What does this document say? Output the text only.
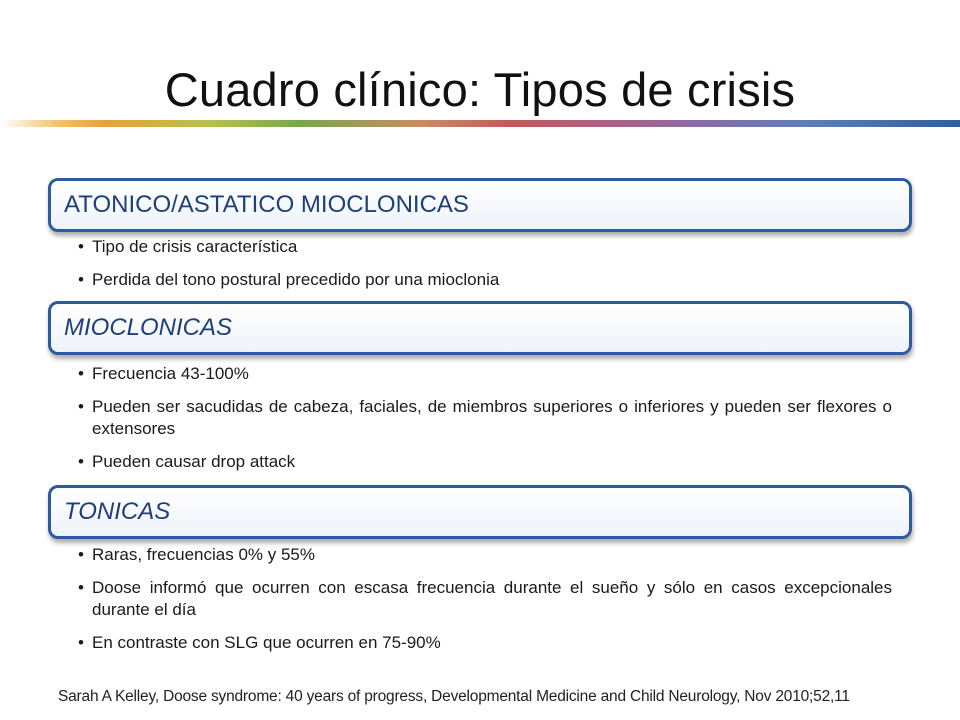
Cuadro clínico: Tipos de crisis
ATONICO/ASTATICO MIOCLONICAS
• Tipo de crisis característica
• Perdida del tono postural precedido por una mioclonia
MIOCLONICAS
• Frecuencia 43-100%
• Pueden ser sacudidas de cabeza, faciales, de miembros superiores o inferiores y pueden ser flexores o extensores
• Pueden causar drop attack
TONICAS
• Raras, frecuencias 0% y 55%
• Doose informó que ocurren con escasa frecuencia durante el sueño y sólo en casos excepcionales durante el día
• En contraste con SLG que ocurren en 75-90%
Sarah A Kelley, Doose syndrome: 40 years of progress, Developmental Medicine and Child Neurology, Nov 2010;52,11
